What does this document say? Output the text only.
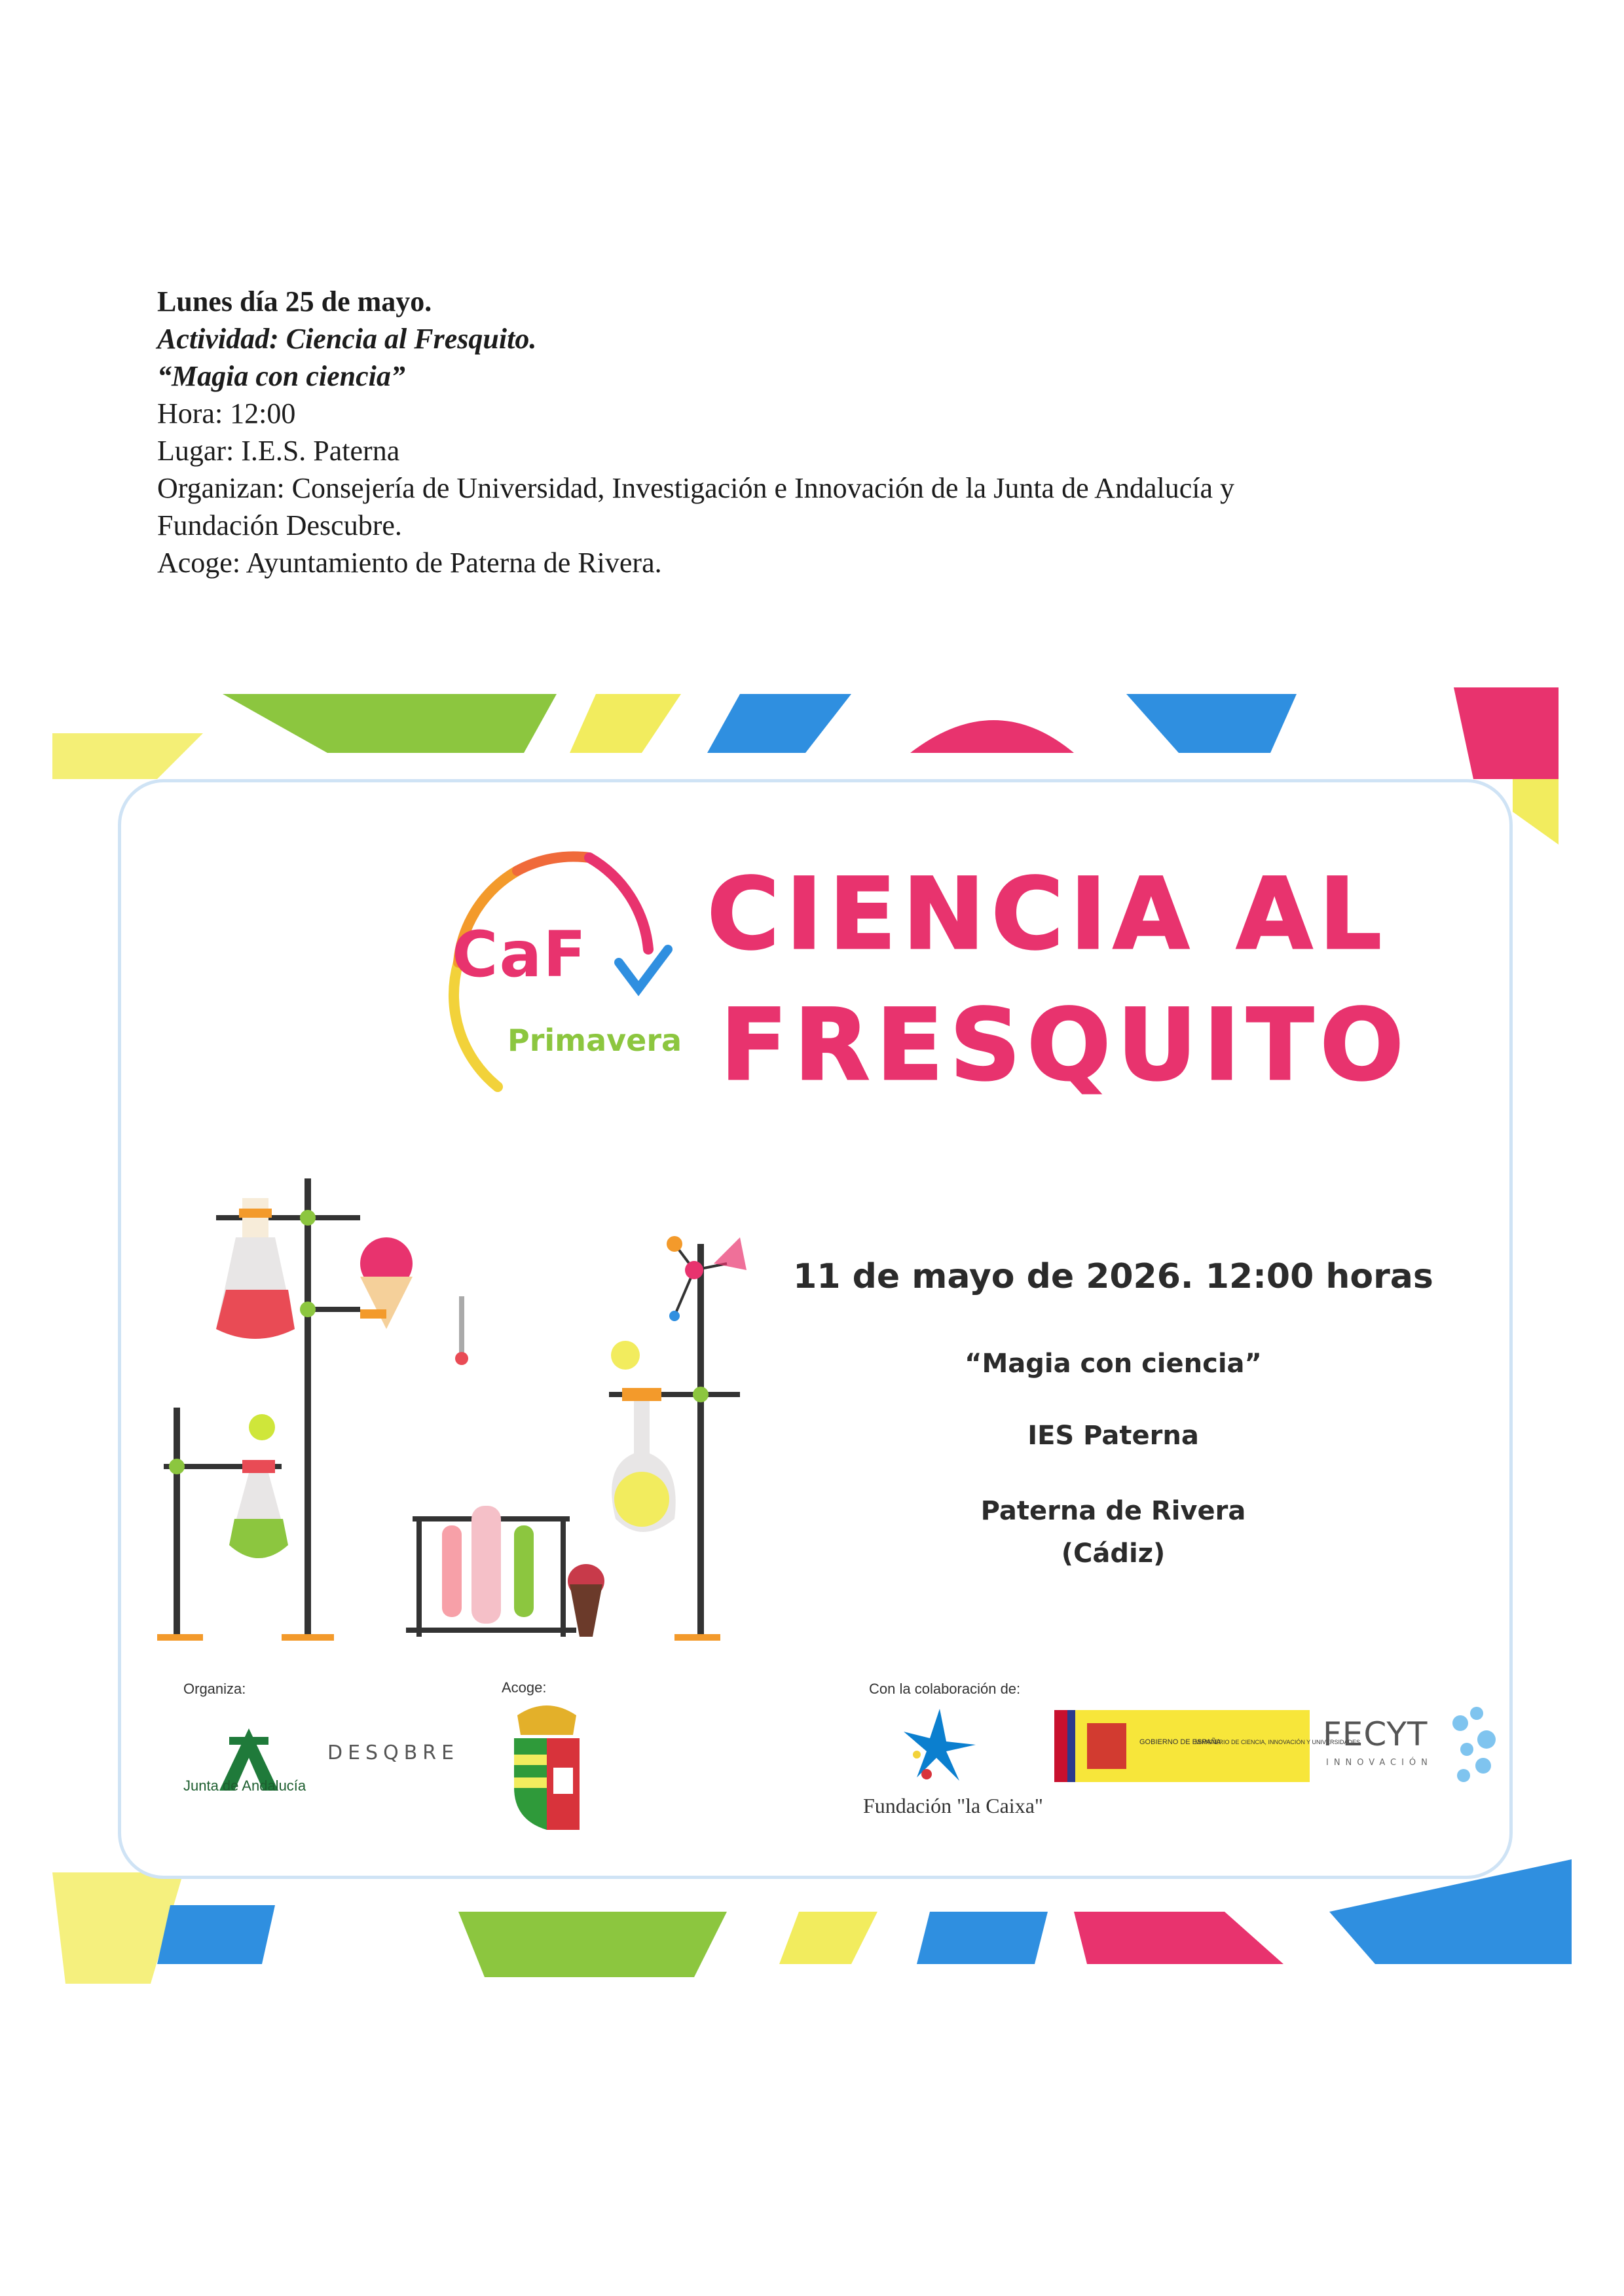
Lunes día 25 de mayo.
Actividad: Ciencia al Fresquito.
“Magia con ciencia”
Hora: 12:00
Lugar: I.E.S. Paterna
Organizan: Consejería de Universidad, Investigación e Innovación de la Junta de Andalucía y
Fundación Descubre.
Acoge: Ayuntamiento de Paterna de Rivera.
CaF
Primavera
CIENCIA AL
FRESQUITO
11 de mayo de 2026. 12:00 horas
“Magia con ciencia”
IES Paterna
Paterna de Rivera
(Cádiz)
Organiza:
Junta de Andalucía
DESQBRE
Acoge:	Con la colaboración de:
Fundación "la Caixa"
GOBIERNO DE ESPAÑA
MINISTERIO DE CIENCIA, INNOVACIÓN Y UNIVERSIDADES
FECYT
INNOVACIÓN
